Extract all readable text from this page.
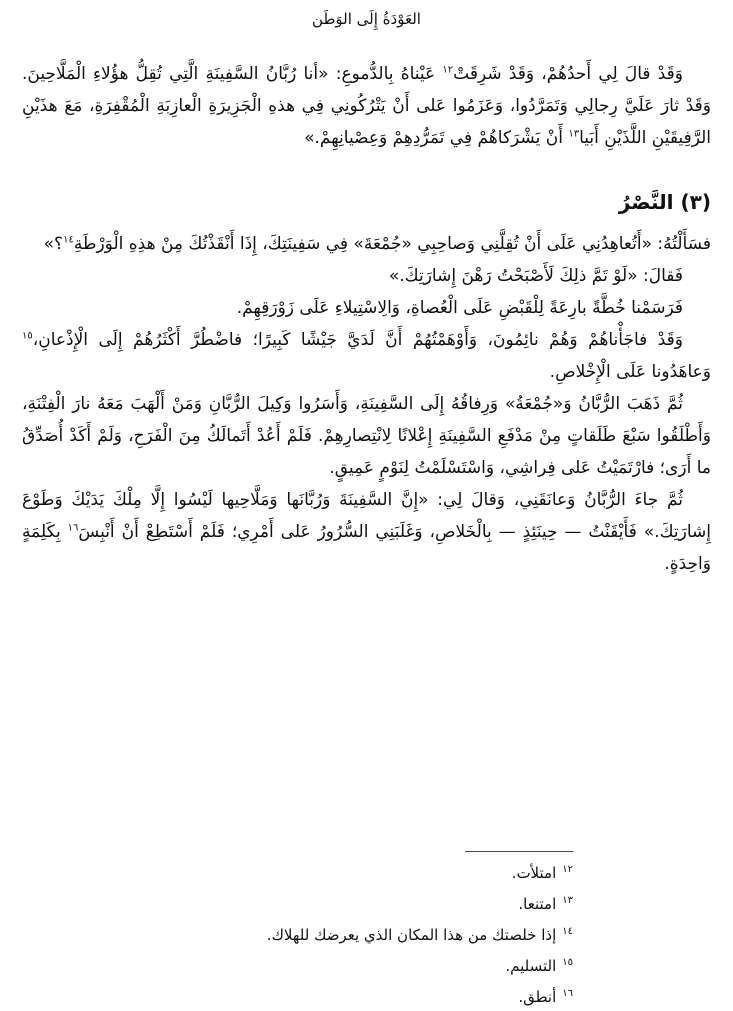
العَوْدَةُ إِلَى الوَطَن

وَقَدْ قالَ لِي أَحدُهُمْ، وَقَدْ شَرِقَتْ$^{١٢}$ عَيْناهُ بِالدُّموعِ: «أنا رُبَّانُ السَّفِينَةِ الَّتِي تُقِلُّ هؤُلاءِ الْمَلَّاحِينَ. وَقَدْ ثارَ عَلَيَّ رِجالِي وَتَمَرَّدُوا، وَعَزَمُوا عَلى أَنْ يَتْرُكُونِي فِي هذهِ الْجَزِيرَةِ الْعازِبَةِ الْمُقْفِرَةِ، مَعَ هذَيْنِ الرَّفِيقَيْنِ اللَّذَيْنِ أَبَيا$^{١٣}$ أَنْ يَشْرَكاهُمْ فِي تَمَرُّدِهِمْ وَعِصْيانِهِمْ.»

(٣) النَّصْرُ

فسَأَلْتُهُ: «أَتُعاهِدُنِي عَلَى أَنْ تُقِلَّنِي وَصاحِبِي «جُمْعَةَ» فِي سَفِينَتِكَ، إِذَا أَنْقَذْتُكَ مِنْ هذِهِ الْوَرْطَةِ$^{١٤}$؟»

فَقالَ: «لَوْ تَمَّ ذلِكَ لَأَصْبَحْتُ رَهْنَ إِشارَتِكَ.»

فَرَسَمْنا خُطَّةً بارِعَةً لِلْقَبْضِ عَلَى الْعُصاةِ، وَالِاسْتِيلاءِ عَلَى زَوْرَقِهِمْ.

وَقَدْ فاجَأْناهُمْ وَهُمْ نائِمُونَ، وَأَوْهَمْتُهُمْ أَنَّ لَدَيَّ جَيْشًا كَبِيرًا؛ فاضْطُرَّ أَكْثَرُهُمْ إِلَى الْإِذْعانِ،$^{١٥}$ وَعاهَدُونا عَلَى الْإِخْلاصِ.

ثُمَّ ذَهَبَ الرُّبَّانُ وَ«جُمْعَةُ» وَرِفاقُهُ إِلَى السَّفِينَةِ، وَأَسَرُوا وَكِيلَ الرُّبَّانِ وَمَنْ أَلْهَبَ مَعَهُ نارَ الْفِتْنَةِ، وَأَطْلَقُوا سَبْعَ طَلَقاتٍ مِنْ مَدْفَعِ السَّفِينَةِ إِعْلانًا لِانْتِصارِهِمْ. فَلَمْ أَعُدْ أَتَمالَكُ مِنَ الْفَرَحِ، وَلَمْ أَكَدْ أُصَدِّقُ ما أَرَى؛ فارْتَمَيْتُ عَلى فِراشِي، وَاسْتَسْلَمْتُ لِنَوْمٍ عَمِيقٍ.

ثُمَّ جاءَ الرُّبَّانُ وَعانَقَنِي، وَقالَ لِي: «إِنَّ السَّفِينَةَ وَرُبَّانَها وَمَلَّاحِيها لَيْسُوا إِلَّا مِلْكَ يَدَيْكَ وَطَوْعَ إِشارَتِكَ.» فَأَيْقَنْتُ — حِينَئِذٍ — بِالْخَلاصِ، وَغَلَبَنِي السُّرُورُ عَلى أَمْرِي؛ فَلَمْ أَسْتَطِعْ أَنْ أَنْبِسَ$^{١٦}$ بِكَلِمَةٍ وَاحِدَةٍ.

$^{١٢}$امتلأت.
$^{١٣}$امتنعا.
$^{١٤}$إذا خلصتك من هذا المكان الذي يعرضك للهلاك.
$^{١٥}$التسليم.
$^{١٦}$أنطق.
